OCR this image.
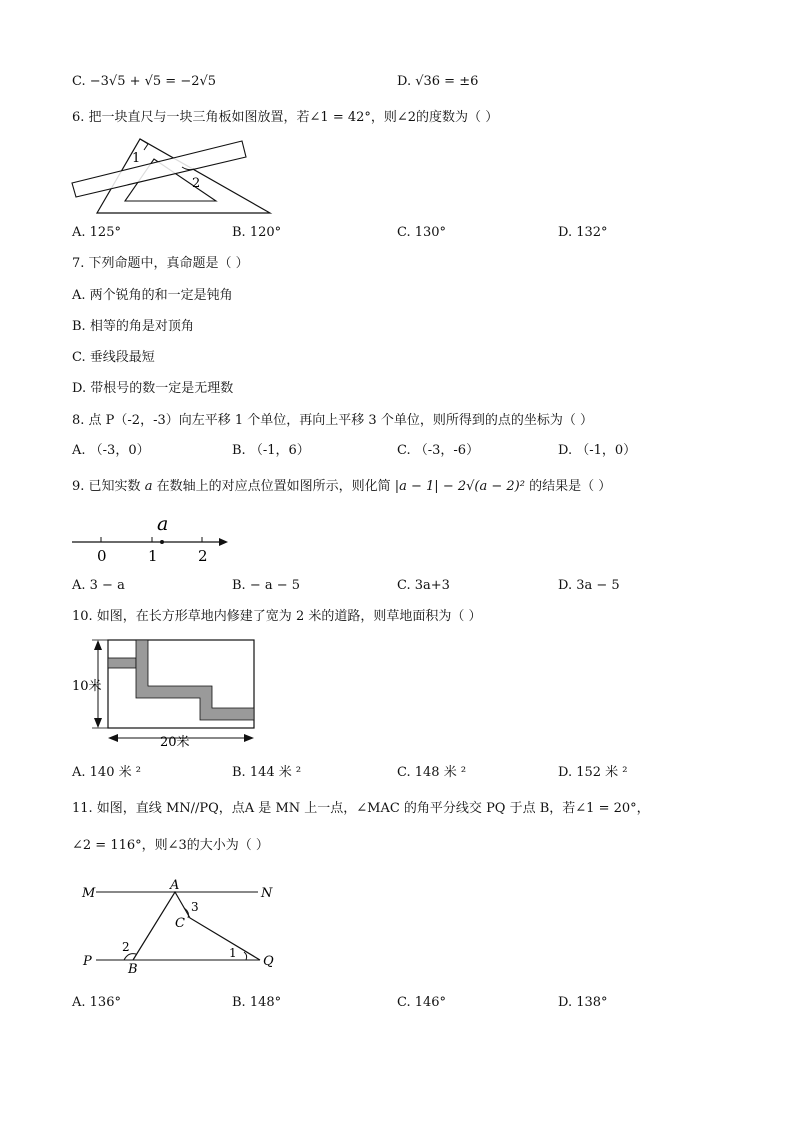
C. −3√5 + √5 = −2√5	D. √36 = ±6
6. 把一块直尺与一块三角板如图放置，若∠1 = 42°，则∠2的度数为（ ）
1
2
A. 125°	B. 120°	C. 130°	D. 132°
7. 下列命题中，真命题是（ ）
A. 两个锐角的和一定是钝角
B. 相等的角是对顶角
C. 垂线段最短
D. 带根号的数一定是无理数
8. 点 P（-2，-3）向左平移 1 个单位，再向上平移 3 个单位，则所得到的点的坐标为（ ）
A. （-3，0）	B. （-1，6）	C. （-3，-6）	D. （-1，0）
9. 已知实数 a 在数轴上的对应点位置如图所示，则化简 |a − 1| − 2√(a − 2)² 的结果是（ ）
a
0	1	2
A. 3 − a	B. − a − 5	C. 3a+3	D. 3a − 5
10. 如图，在长方形草地内修建了宽为 2 米的道路，则草地面积为（ ）
10米
20米
A. 140 米 ²	B. 144 米 ²	C. 148 米 ²	D. 152 米 ²
11. 如图，直线 MN//PQ，点A 是 MN 上一点，∠MAC 的角平分线交 PQ 于点 B，若∠1 = 20°，
∠2 = 116°，则∠3的大小为（ ）
M	N
A
C
P
B
Q
1
2
3
A. 136°	B. 148°	C. 146°	D. 138°
